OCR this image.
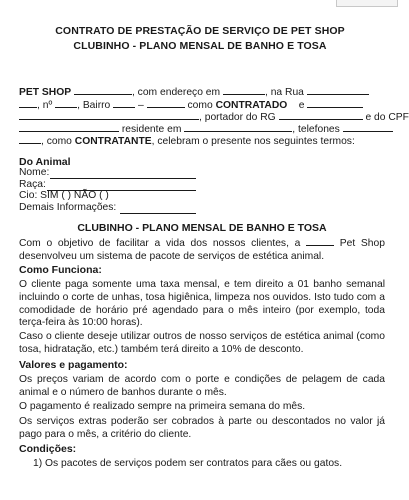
CONTRATO DE PRESTAÇÃO DE SERVIÇO DE PET SHOP

CLUBINHO - PLANO MENSAL DE BANHO E TOSA

PET SHOP	, com endereço em	, na Rua

, nº , Bairro	–	como CONTRATADO e

, portador do RG	e do CPF

residente em	, telefones

, como CONTRATANTE, celebram o presente nos seguintes termos:

Do Animal

Nome:

Raça:

Cio: SIM ( ) NÃO ( )

Demais Informações:

CLUBINHO - PLANO MENSAL DE BANHO E TOSA

Com o objetivo de facilitar a vida dos nossos clientes, a	Pet Shop desenvolveu um sistema de pacote de serviços de estética animal.

Como Funciona:

O cliente paga somente uma taxa mensal, e tem direito a 01 banho semanal incluindo o corte de unhas, tosa higiênica, limpeza nos ouvidos. Isto tudo com a comodidade de horário pré agendado para o mês inteiro (por exemplo, toda terça-feira às 10:00 horas).

Caso o cliente deseje utilizar outros de nosso serviços de estética animal (como tosa, hidratação, etc.) também terá direito a 10% de desconto.

Valores e pagamento:

Os preços variam de acordo com o porte e condições de pelagem de cada animal e o número de banhos durante o mês.

O pagamento é realizado sempre na primeira semana do mês.

Os serviços extras poderão ser cobrados à parte ou descontados no valor já pago para o mês, a critério do cliente.

Condições:

1) Os pacotes de serviços podem ser contratos para cães ou gatos.
